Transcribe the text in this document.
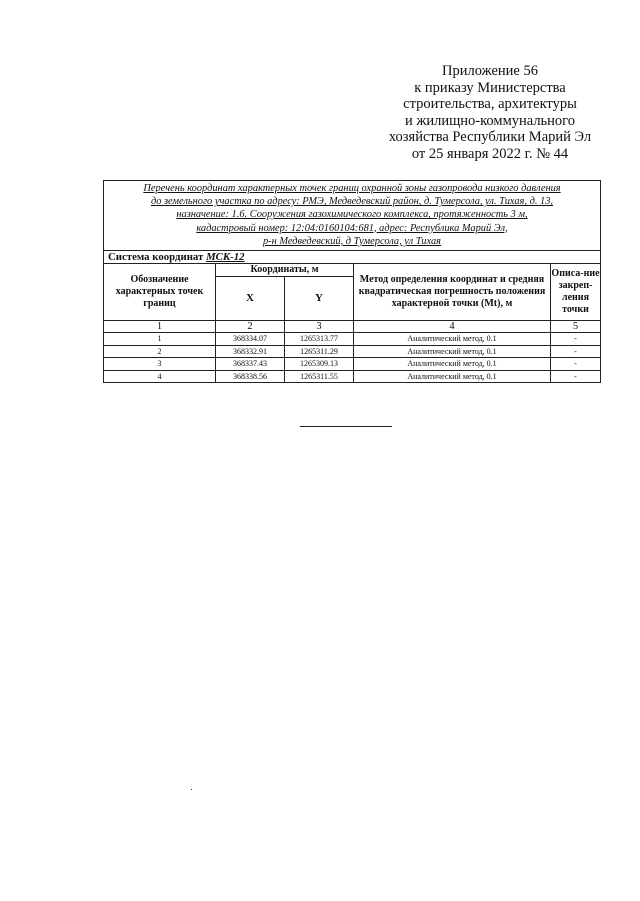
Приложение 56
к приказу Министерства
строительства, архитектуры
и жилищно-коммунального
хозяйства Республики Марий Эл
от 25 января 2022 г. № 44
Перечень координат характерных точек границ охранной зоны газопровода низкого давления
до земельного участка по адресу: РМЭ, Медведевский район, д. Тумерсола, ул. Тихая, д. 13,
назначение: 1.6. Сооружения газохимического комплекса, протяженность 3 м,
кадастровый номер: 12:04:0160104:681, адрес: Республика Марий Эл,
р-н Медведевский, д Тумерсола, ул Тихая				

Система координат МСК-12				
Обозначение характерных точек границ	Координаты, м		Метод определения координат и средняя квадратическая погрешность положения характерной точки (Mt), м	Описа-ние закреп-ления точки
	X	Y		
1	2	3	4	5
1	368334.07	1265313.77	Аналитический метод, 0.1	-
2	368332.91	1265311.29	Аналитический метод, 0.1	-
3	368337.43	1265309.13	Аналитический метод, 0.1	-
4	368338.56	1265311.55	Аналитический метод, 0.1	-
